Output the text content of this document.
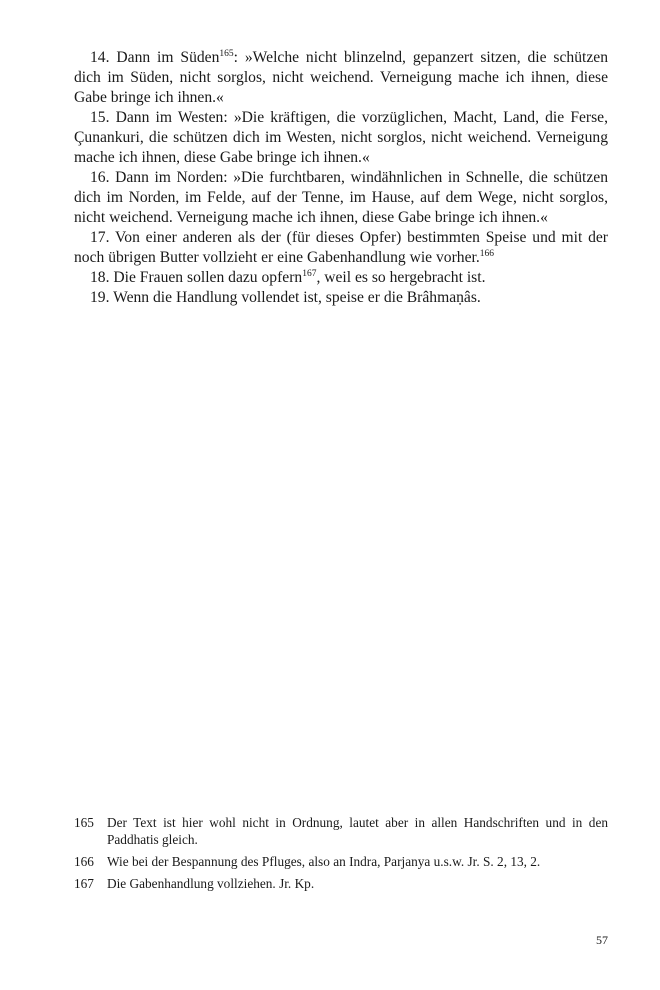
14. Dann im Süden$^{165}$: »Welche nicht blinzelnd, gepanzert sitzen, die schützen dich im Süden, nicht sorglos, nicht weichend. Verneigung mache ich ihnen, diese Gabe bringe ich ihnen.«

15. Dann im Westen: »Die kräftigen, die vorzüglichen, Macht, Land, die Ferse, Çunankuri, die schützen dich im Westen, nicht sorglos, nicht weichend. Verneigung mache ich ihnen, diese Gabe bringe ich ihnen.«

16. Dann im Norden: »Die furchtbaren, windähnlichen in Schnelle, die schützen dich im Norden, im Felde, auf der Tenne, im Hause, auf dem Wege, nicht sorglos, nicht weichend. Verneigung mache ich ihnen, diese Gabe bringe ich ihnen.«

17. Von einer anderen als der (für dieses Opfer) bestimmten Speise und mit der noch übrigen Butter vollzieht er eine Gabenhandlung wie vorher.$^{166}$

18. Die Frauen sollen dazu opfern$^{167}$, weil es so hergebracht ist.

19. Wenn die Handlung vollendet ist, speise er die Brâhmaṇâs.

165 Der Text ist hier wohl nicht in Ordnung, lautet aber in allen Handschriften und in den Paddhatis gleich.
166 Wie bei der Bespannung des Pfluges, also an Indra, Parjanya u.s.w. Jr. S. 2, 13, 2.
167 Die Gabenhandlung vollziehen. Jr. Kp.
57
